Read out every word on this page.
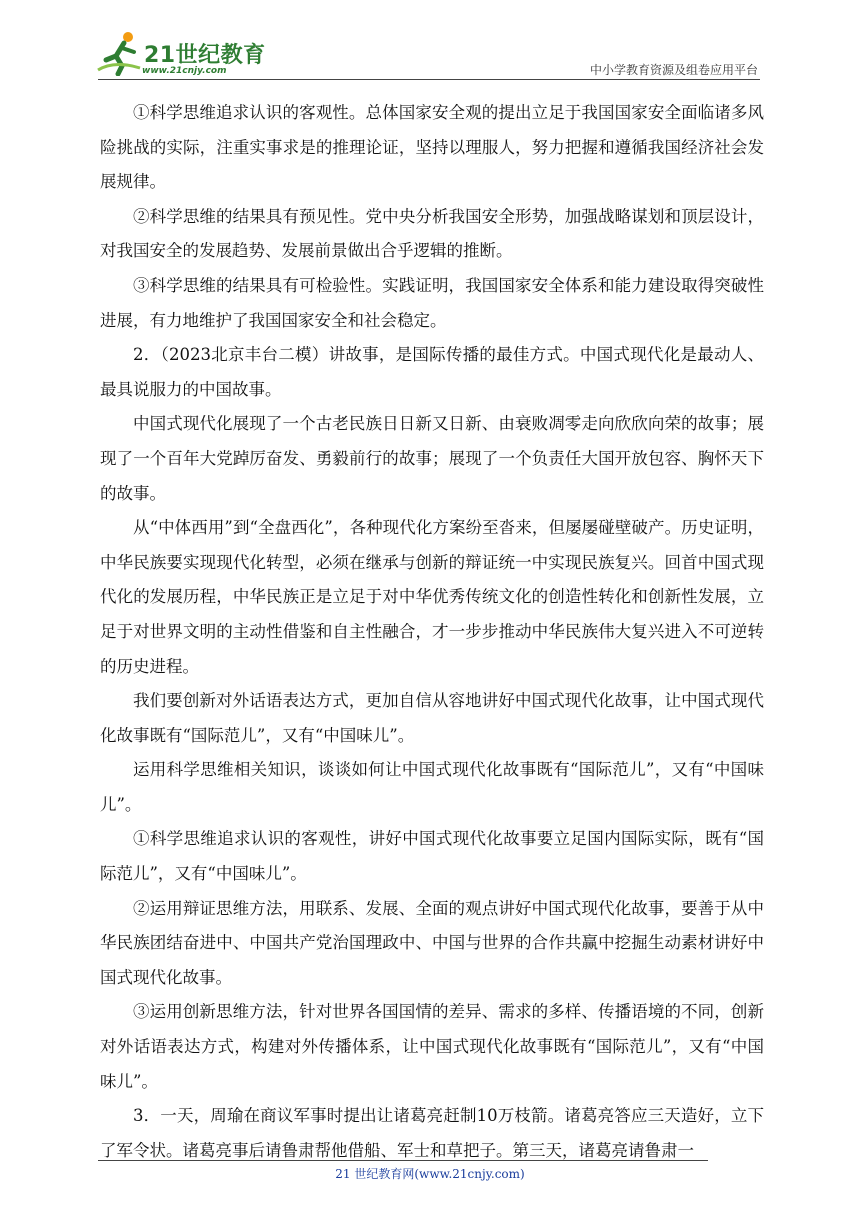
21世纪教育
www.21cnjy.com	中小学教育资源及组卷应用平台

①科学思维追求认识的客观性。总体国家安全观的提出立足于我国国家安全面临诸多风险挑战的实际，注重实事求是的推理论证，坚持以理服人，努力把握和遵循我国经济社会发展规律。

②科学思维的结果具有预见性。党中央分析我国安全形势，加强战略谋划和顶层设计，对我国安全的发展趋势、发展前景做出合乎逻辑的推断。

③科学思维的结果具有可检验性。实践证明，我国国家安全体系和能力建设取得突破性进展，有力地维护了我国国家安全和社会稳定。

2．（2023北京丰台二模）讲故事，是国际传播的最佳方式。中国式现代化是最动人、最具说服力的中国故事。

中国式现代化展现了一个古老民族日日新又日新、由衰败凋零走向欣欣向荣的故事；展现了一个百年大党踔厉奋发、勇毅前行的故事；展现了一个负责任大国开放包容、胸怀天下的故事。

从“中体西用”到“全盘西化”，各种现代化方案纷至沓来，但屡屡碰壁破产。历史证明，中华民族要实现现代化转型，必须在继承与创新的辩证统一中实现民族复兴。回首中国式现代化的发展历程，中华民族正是立足于对中华优秀传统文化的创造性转化和创新性发展，立足于对世界文明的主动性借鉴和自主性融合，才一步步推动中华民族伟大复兴进入不可逆转的历史进程。

我们要创新对外话语表达方式，更加自信从容地讲好中国式现代化故事，让中国式现代化故事既有“国际范儿”，又有“中国味儿”。

运用科学思维相关知识，谈谈如何让中国式现代化故事既有“国际范儿”，又有“中国味儿”。

①科学思维追求认识的客观性，讲好中国式现代化故事要立足国内国际实际，既有“国际范儿”，又有“中国味儿”。

②运用辩证思维方法，用联系、发展、全面的观点讲好中国式现代化故事，要善于从中华民族团结奋进中、中国共产党治国理政中、中国与世界的合作共赢中挖掘生动素材讲好中国式现代化故事。

③运用创新思维方法，针对世界各国国情的差异、需求的多样、传播语境的不同，创新对外话语表达方式，构建对外传播体系，让中国式现代化故事既有“国际范儿”，又有“中国味儿”。

3．一天，周瑜在商议军事时提出让诸葛亮赶制10万枝箭。诸葛亮答应三天造好，立下了军令状。诸葛亮事后请鲁肃帮他借船、军士和草把子。第三天，诸葛亮请鲁肃一

21 世纪教育网(www.21cnjy.com)
